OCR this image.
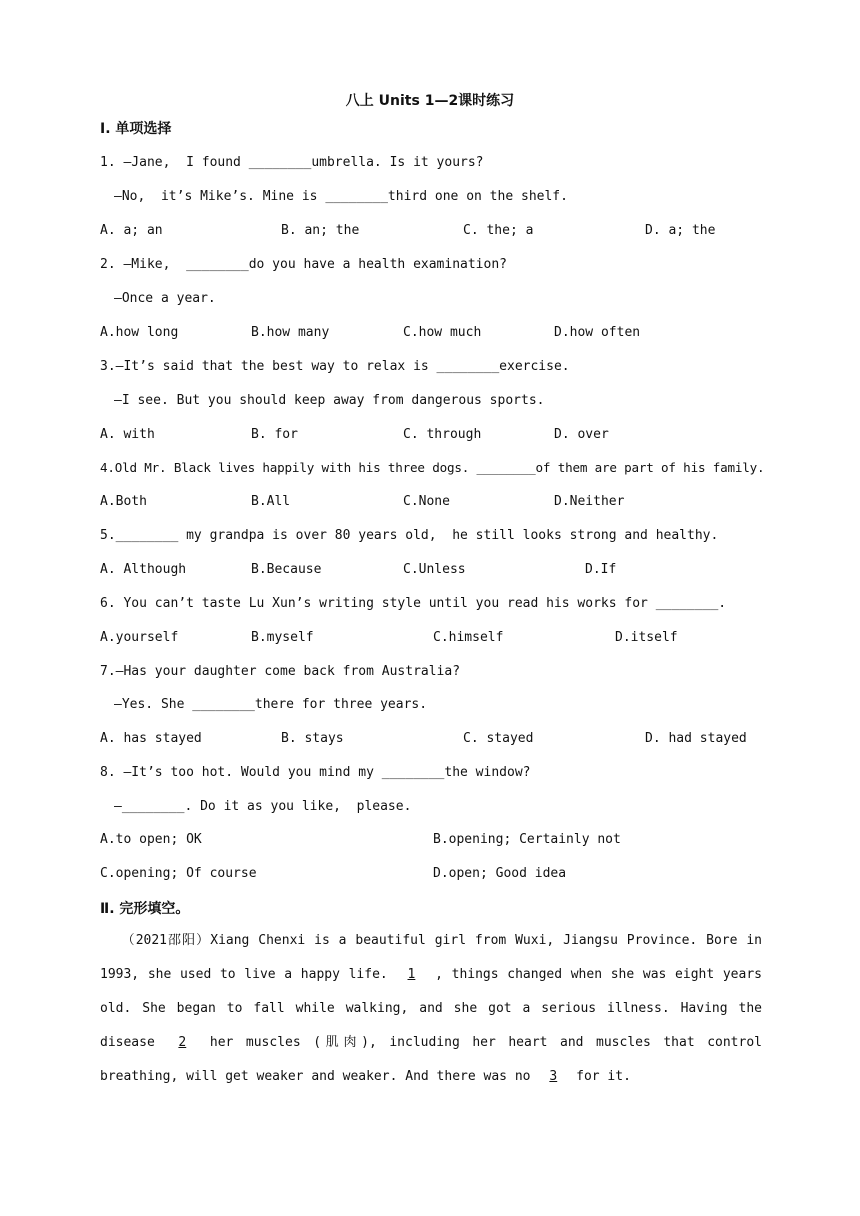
八上 Units 1—2课时练习
Ⅰ. 单项选择
1. —Jane,  I found ________umbrella. Is it yours?
—No,  it’s Mike’s. Mine is ________third one on the shelf.
A. a; an	B. an; the	C. the; a	D. a; the
2. —Mike,  ________do you have a health examination?
—Once a year.
A.how long	B.how many	C.how much	D.how often
3.—It’s said that the best way to relax is ________exercise.
—I see. But you should keep away from dangerous sports.
A. with	B. for	C. through	D. over
4.Old Mr. Black lives happily with his three dogs. ________of them are part of his family.
A.Both	B.All	C.None	D.Neither
5.________ my grandpa is over 80 years old,  he still looks strong and healthy.
A. Although	B.Because	C.Unless	D.If
6. You can’t taste Lu Xun’s writing style until you read his works for ________.
A.yourself	B.myself	C.himself	D.itself
7.—Has your daughter come back from Australia?
—Yes. She ________there for three years.
A. has stayed	B. stays	C. stayed	D. had stayed
8. —It’s too hot. Would you mind my ________the window?
—________. Do it as you like,  please.
A.to open; OK	B.opening; Certainly not
C.opening; Of course	D.open; Good idea
Ⅱ. 完形填空。

　　（2021邵阳）Xiang Chenxi is a beautiful girl from Wuxi, Jiangsu Province. Bore in 1993, she used to live a happy life. 1 , things changed when she was eight years old. She began to fall while walking, and she got a serious illness. Having the disease 2 her muscles (肌肉), including her heart and muscles that control breathing, will get weaker and weaker. And there was no 3 for it.
